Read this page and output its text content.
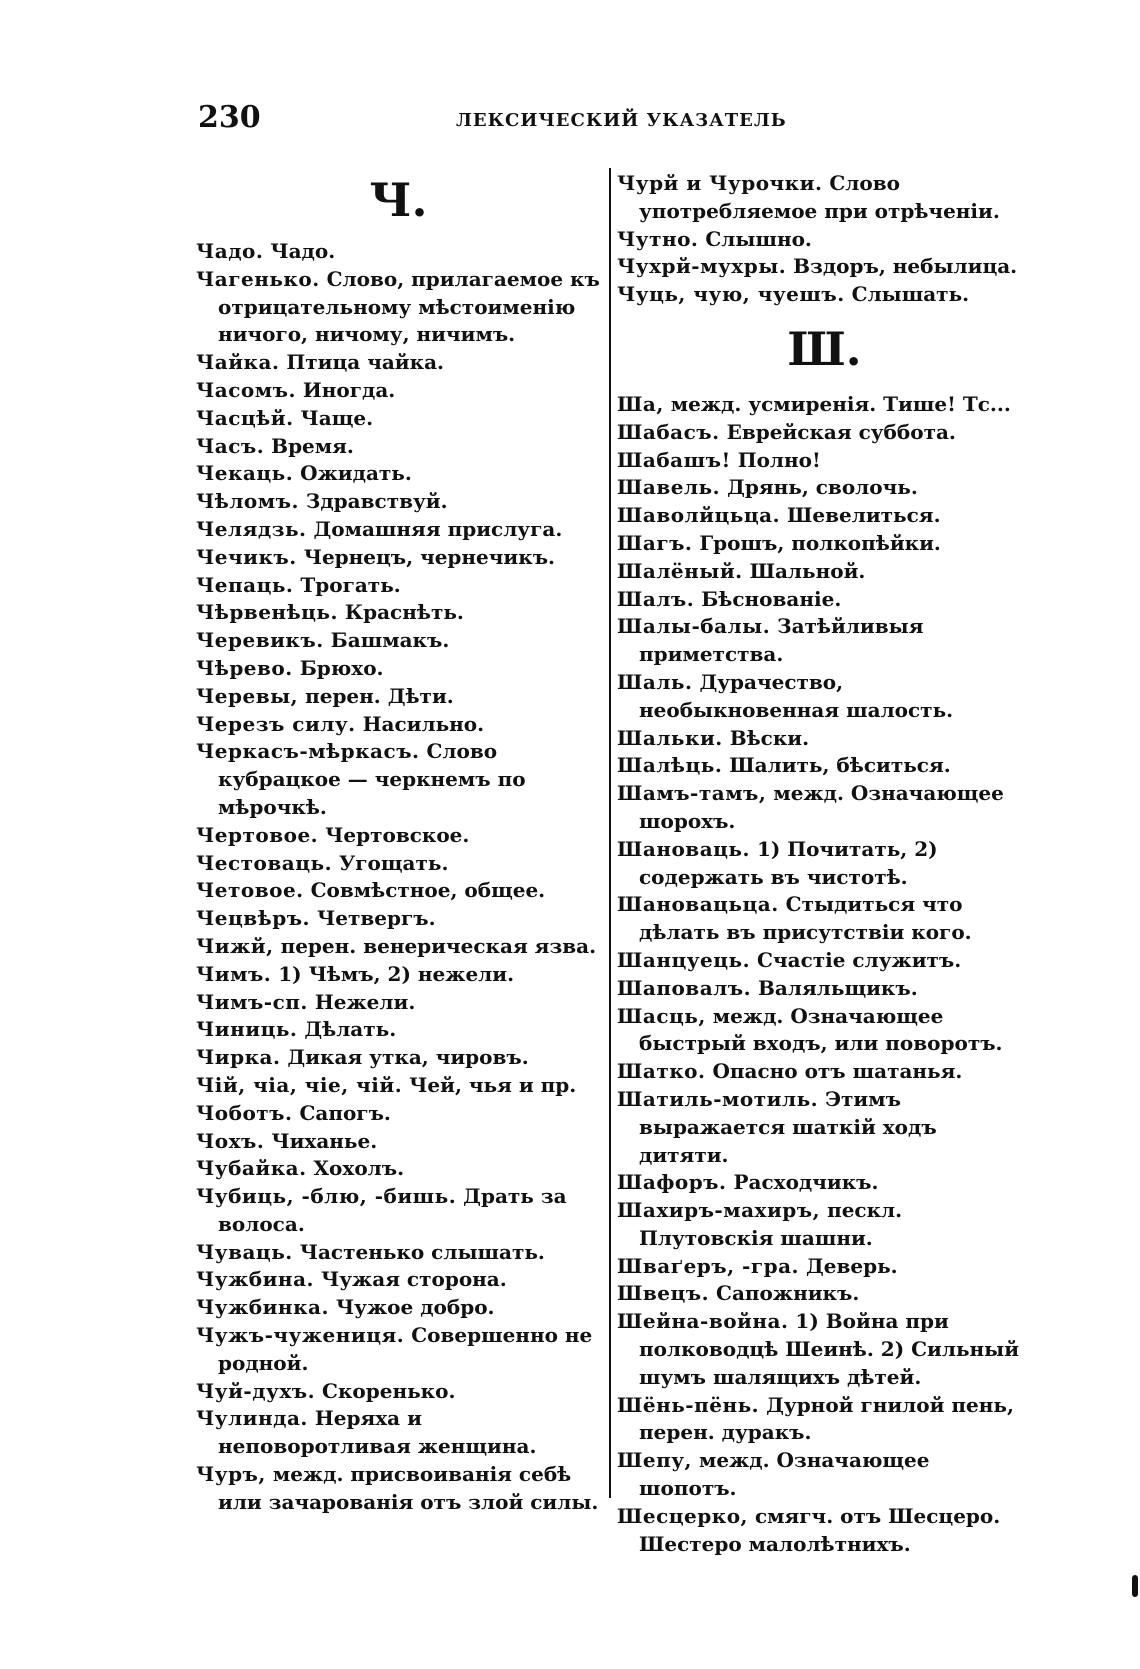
230	ЛЕКСИЧЕСКИЙ УКАЗАТЕЛЬ
Ч.

Чадо. Чадо.

Чагенько. Слово, прилагаемое къ отрицательному мѣстоименію ничого, ничому, ничимъ.

Чайка. Птица чайка.

Часомъ. Иногда.

Часцѣй. Чаще.

Часъ. Время.

Чекаць. Ожидать.

Чѣломъ. Здравствуй.

Челядзь. Домашняя прислуга.

Чечикъ. Чернецъ, чернечикъ.

Чепаць. Трогать.

Чѣрвенѣць. Краснѣть.

Черевикъ. Башмакъ.

Чѣрево. Брюхо.

Черевы, перен. Дѣти.

Черезъ силу. Насильно.

Черкасъ-мѣркасъ. Слово кубрацкое — черкнемъ по мѣрочкѣ.

Чертовое. Чертовское.

Честоваць. Угощать.

Четовое. Совмѣстное, общее.

Чецвѣръ. Четвергъ.

Чижй, перен. венерическая язва.

Чимъ. 1) Чѣмъ, 2) нежели.

Чимъ-сп. Нежели.

Чиниць. Дѣлать.

Чирка. Дикая утка, чировъ.

Чій, чіа, чіе, чій. Чей, чья и пр.

Чоботъ. Сапогъ.

Чохъ. Чиханье.

Чубайка. Хохолъ.

Чубиць, -блю, -бишь. Драть за волоса.

Чуваць. Частенько слышать.

Чужбина. Чужая сторона.

Чужбинка. Чужое добро.

Чужъ-чужениця. Совершенно не родной.

Чуй-духъ. Скоренько.

Чулинда. Неряха и неповоротливая женщина.

Чуръ, межд. присвоиванія себѣ или зачарованія отъ злой силы.

Чурй и Чурочки. Слово употребляемое при отрѣченіи.

Чутно. Слышно.

Чухрй-мухры. Вздоръ, небылица.

Чуць, чую, чуешъ. Слышать.

Ш.

Ша, межд. усмиренія. Тише! Тс...

Шабасъ. Еврейская суббота.

Шабашъ! Полно!

Шавель. Дрянь, сволочь.

Шаволйцьца. Шевелиться.

Шагъ. Грошъ, полкопѣйки.

Шалёный. Шальной.

Шалъ. Бѣснованіе.

Шалы-балы. Затѣйливыя приметства.

Шаль. Дурачество, необыкновенная шалость.

Шальки. Вѣски.

Шалѣць. Шалить, бѣситься.

Шамъ-тамъ, межд. Означающее шорохъ.

Шановаць. 1) Почитать, 2) содержать въ чистотѣ.

Шановацьца. Стыдиться что дѣлать въ присутствіи кого.

Шанцуець. Счастіе служитъ.

Шаповалъ. Валяльщикъ.

Шасць, межд. Означающее быстрый входъ, или поворотъ.

Шатко. Опасно отъ шатанья.

Шатиль-мотиль. Этимъ выражается шаткій ходъ дитяти.

Шафоръ. Расходчикъ.

Шахиръ-махиръ, пескл. Плутовскія шашни.

Шваґеръ, -гра. Деверь.

Швецъ. Сапожникъ.

Шейна-война. 1) Война при полководцѣ Шеинѣ. 2) Сильный шумъ шалящихъ дѣтей.

Шёнь-пёнь. Дурной гнилой пень, перен. дуракъ.

Шепу, межд. Означающее шопотъ.

Шесцерко, смягч. отъ Шесцеро. Шестеро малолѣтнихъ.
